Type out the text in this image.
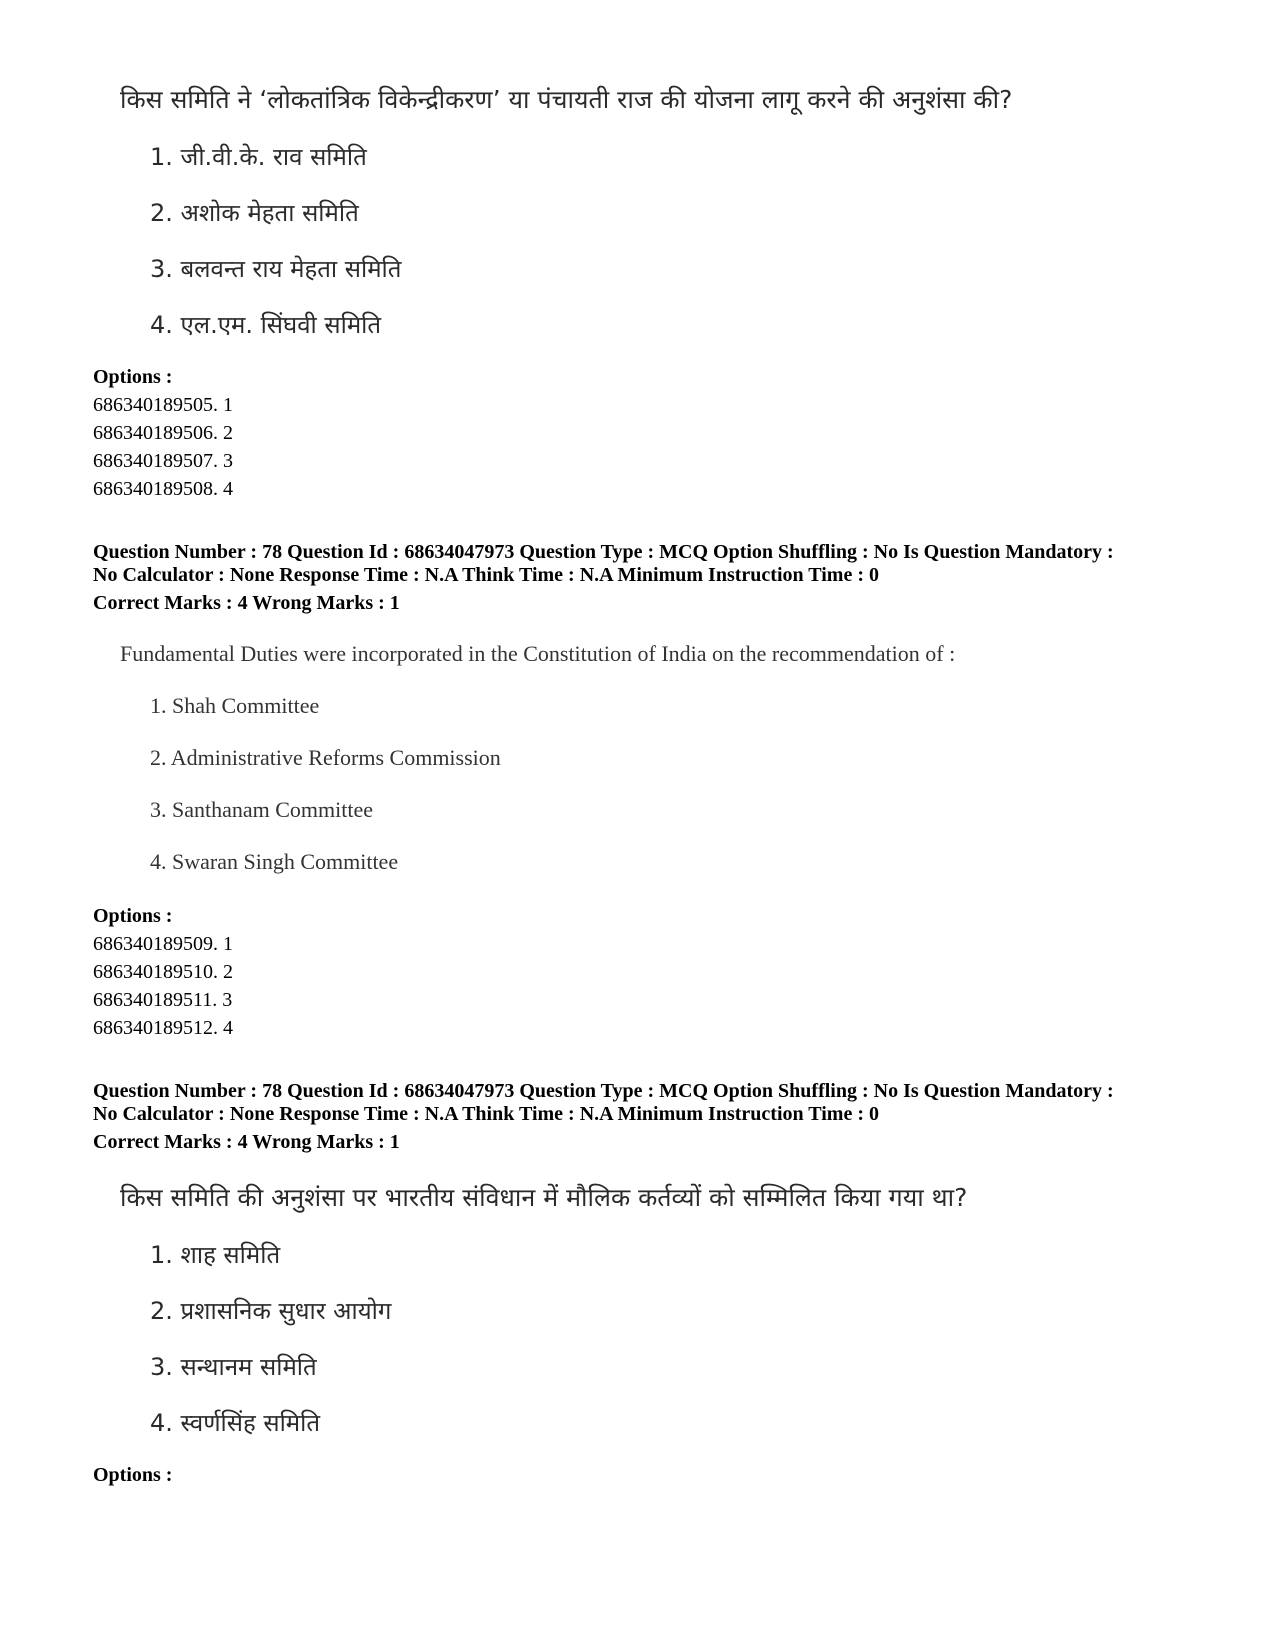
किस समिति ने ‘लोकतांत्रिक विकेन्द्रीकरण’ या पंचायती राज की योजना लागू करने की अनुशंसा की?
1. जी.वी.के. राव समिति
2. अशोक मेहता समिति
3. बलवन्त राय मेहता समिति
4. एल.एम. सिंघवी समिति
Options :
686340189505. 1
686340189506. 2
686340189507. 3
686340189508. 4
Question Number : 78 Question Id : 68634047973 Question Type : MCQ Option Shuffling : No Is Question Mandatory :
No Calculator : None Response Time : N.A Think Time : N.A Minimum Instruction Time : 0
Correct Marks : 4 Wrong Marks : 1
Fundamental Duties were incorporated in the Constitution of India on the recommendation of :
1. Shah Committee
2. Administrative Reforms Commission
3. Santhanam Committee
4. Swaran Singh Committee
Options :
686340189509. 1
686340189510. 2
686340189511. 3
686340189512. 4
Question Number : 78 Question Id : 68634047973 Question Type : MCQ Option Shuffling : No Is Question Mandatory :
No Calculator : None Response Time : N.A Think Time : N.A Minimum Instruction Time : 0
Correct Marks : 4 Wrong Marks : 1
किस समिति की अनुशंसा पर भारतीय संविधान में मौलिक कर्तव्यों को सम्मिलित किया गया था?
1. शाह समिति
2. प्रशासनिक सुधार आयोग
3. सन्थानम समिति
4. स्वर्णसिंह समिति
Options :
